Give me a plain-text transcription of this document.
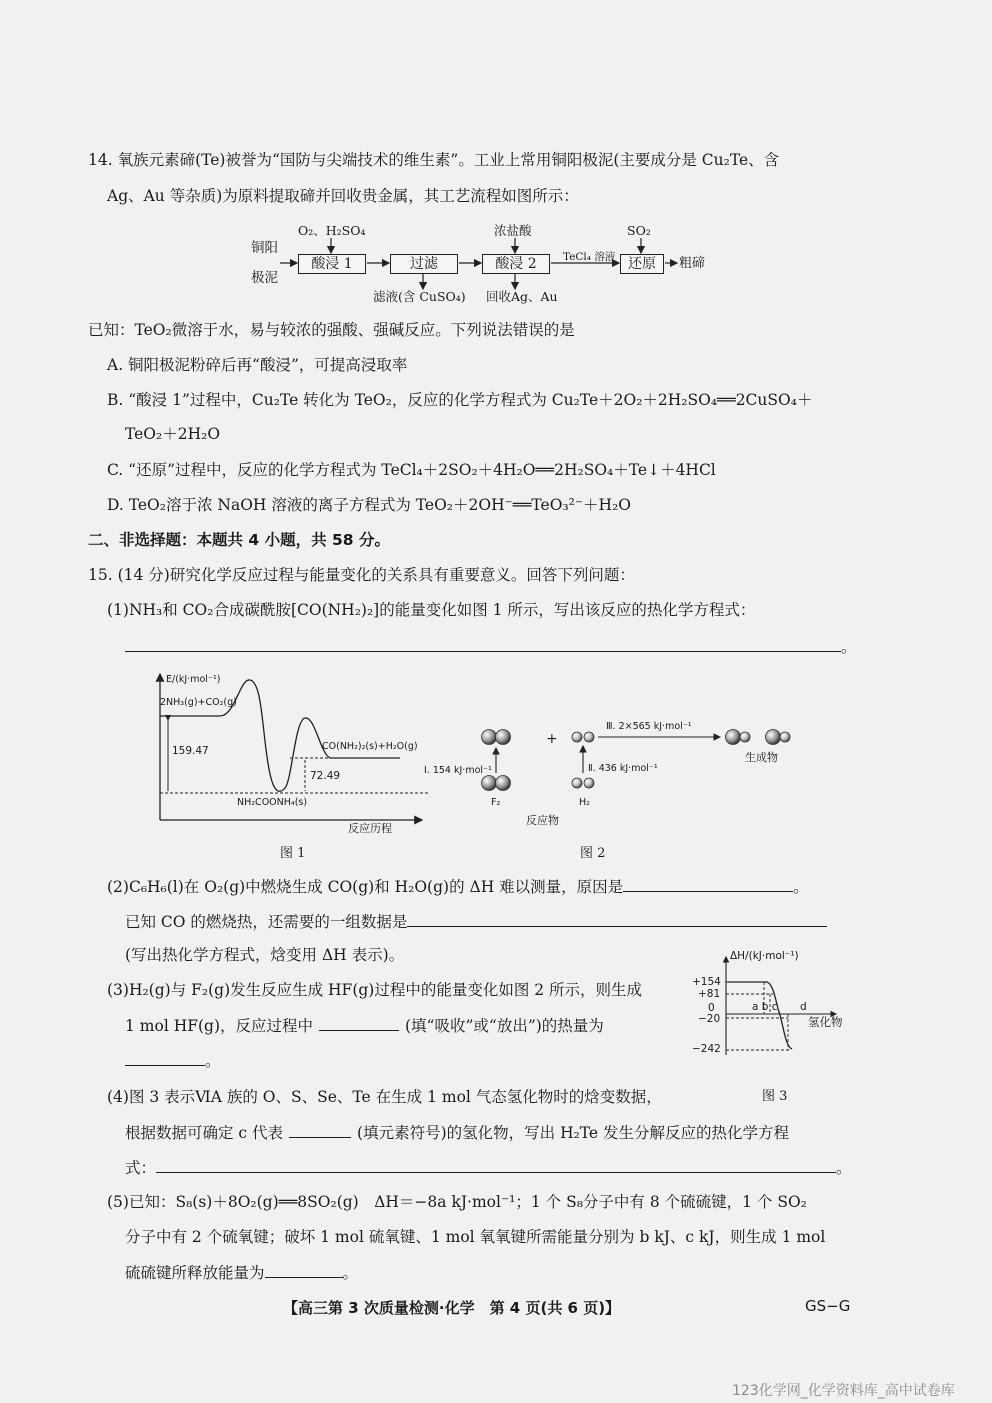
14. 氧族元素碲(Te)被誉为“国防与尖端技术的维生素”。工业上常用铜阳极泥(主要成分是 Cu₂Te、含
Ag、Au 等杂质)为原料提取碲并回收贵金属，其工艺流程如图所示：
铜阳
极泥
O₂、H₂SO₄
酸浸 1	过滤
滤液(含 CuSO₄)
浓盐酸
酸浸 2
回收Ag、Au
TeCl₄ 溶液
SO₂
还原	粗碲
已知：TeO₂微溶于水，易与较浓的强酸、强碱反应。下列说法错误的是
A. 铜阳极泥粉碎后再“酸浸”，可提高浸取率
B. “酸浸 1”过程中，Cu₂Te 转化为 TeO₂，反应的化学方程式为 Cu₂Te＋2O₂＋2H₂SO₄══2CuSO₄＋
TeO₂＋2H₂O
C. “还原”过程中，反应的化学方程式为 TeCl₄＋2SO₂＋4H₂O══2H₂SO₄＋Te↓＋4HCl
D. TeO₂溶于浓 NaOH 溶液的离子方程式为 TeO₂＋2OH⁻══TeO₃²⁻＋H₂O
二、非选择题：本题共 4 小题，共 58 分。
15. (14 分)研究化学反应过程与能量变化的关系具有重要意义。回答下列问题：
(1)NH₃和 CO₂合成碳酰胺[CO(NH₂)₂]的能量变化如图 1 所示，写出该反应的热化学方程式：
。
E/(kJ·mol⁻¹)
2NH₃(g)+CO₂(g)
159.47	CO(NH₂)₂(s)+H₂O(g)
72.49
NH₂COONH₄(s)
反应历程
图 1
+
Ⅲ. 2×565 kJ·mol⁻¹
Ⅰ. 154 kJ·mol⁻¹	Ⅱ. 436 kJ·mol⁻¹
F₂	H₂
生成物
反应物
图 2
(2)C₆H₆(l)在 O₂(g)中燃烧生成 CO(g)和 H₂O(g)的 ΔH 难以测量，原因是	。
已知 CO 的燃烧热，还需要的一组数据是
(写出热化学方程式，焓变用 ΔH 表示)。
(3)H₂(g)与 F₂(g)发生反应生成 HF(g)过程中的能量变化如图 2 所示，则生成
1 mol HF(g)，反应过程中	(填“吸收”或“放出”)的热量为
。
ΔH/(kJ·mol⁻¹)
+154
+81
0
−20
−242
a b c d
氢化物
图 3
(4)图 3 表示ⅥA 族的 O、S、Se、Te 在生成 1 mol 气态氢化物时的焓变数据，
根据数据可确定 c 代表	(填元素符号)的氢化物，写出 H₂Te 发生分解反应的热化学方程
式：	。
(5)已知：S₈(s)＋8O₂(g)══8SO₂(g)　ΔH＝−8a kJ·mol⁻¹；1 个 S₈分子中有 8 个硫硫键，1 个 SO₂
分子中有 2 个硫氧键；破坏 1 mol 硫氧键、1 mol 氧氧键所需能量分别为 b kJ、c kJ，则生成 1 mol
硫硫键所释放能量为	。
【高三第 3 次质量检测·化学　第 4 页(共 6 页)】	GS−G
123化学网_化学资料库_高中试卷库
